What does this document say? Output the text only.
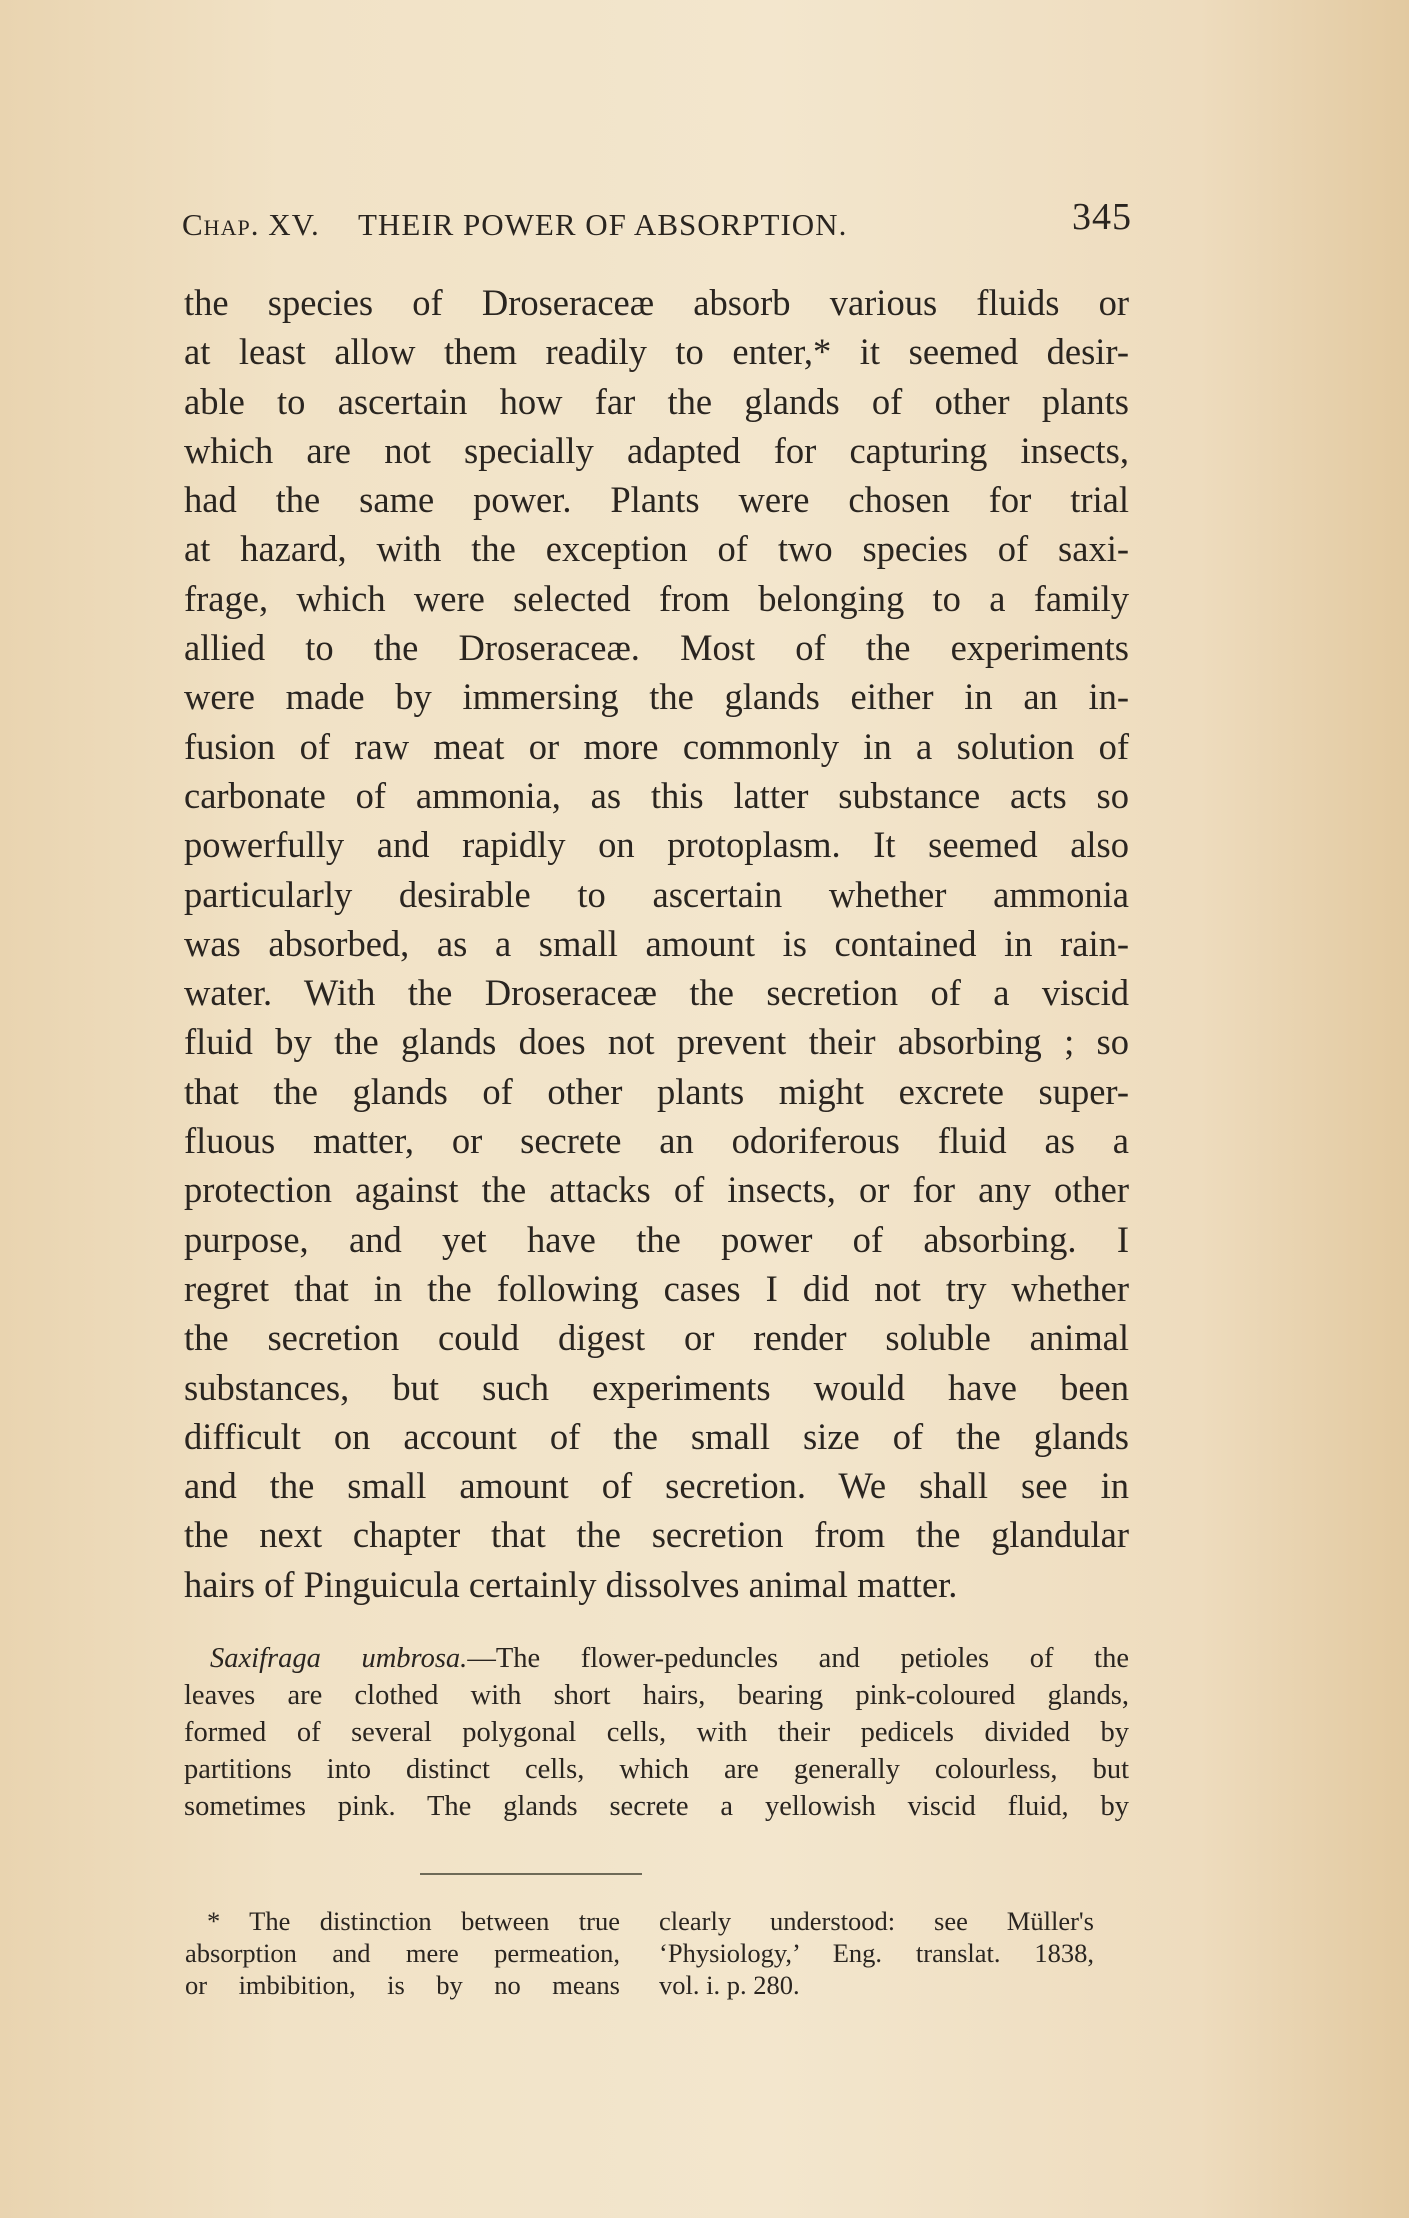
Chap. XV. THEIR POWER OF ABSORPTION.	345
the species of Droseraceæ absorb various fluids or
at least allow them readily to enter,* it seemed desir-
able to ascertain how far the glands of other plants
which are not specially adapted for capturing insects,
had the same power. Plants were chosen for trial
at hazard, with the exception of two species of saxi-
frage, which were selected from belonging to a family
allied to the Droseraceæ. Most of the experiments
were made by immersing the glands either in an in-
fusion of raw meat or more commonly in a solution of
carbonate of ammonia, as this latter substance acts so
powerfully and rapidly on protoplasm. It seemed also
particularly desirable to ascertain whether ammonia
was absorbed, as a small amount is contained in rain-
water. With the Droseraceæ the secretion of a viscid
fluid by the glands does not prevent their absorbing ; so
that the glands of other plants might excrete super-
fluous matter, or secrete an odoriferous fluid as a
protection against the attacks of insects, or for any other
purpose, and yet have the power of absorbing. I
regret that in the following cases I did not try whether
the secretion could digest or render soluble animal
substances, but such experiments would have been
difficult on account of the small size of the glands
and the small amount of secretion. We shall see in
the next chapter that the secretion from the glandular
hairs of Pinguicula certainly dissolves animal matter.
Saxifraga umbrosa.—The flower-peduncles and petioles of the
leaves are clothed with short hairs, bearing pink-coloured glands,
formed of several polygonal cells, with their pedicels divided by
partitions into distinct cells, which are generally colourless, but
sometimes pink. The glands secrete a yellowish viscid fluid, by
* The distinction between true
absorption and mere permeation,
or imbibition, is by no means
clearly understood: see Müller's
‘Physiology,’ Eng. translat. 1838,
vol. i. p. 280.
